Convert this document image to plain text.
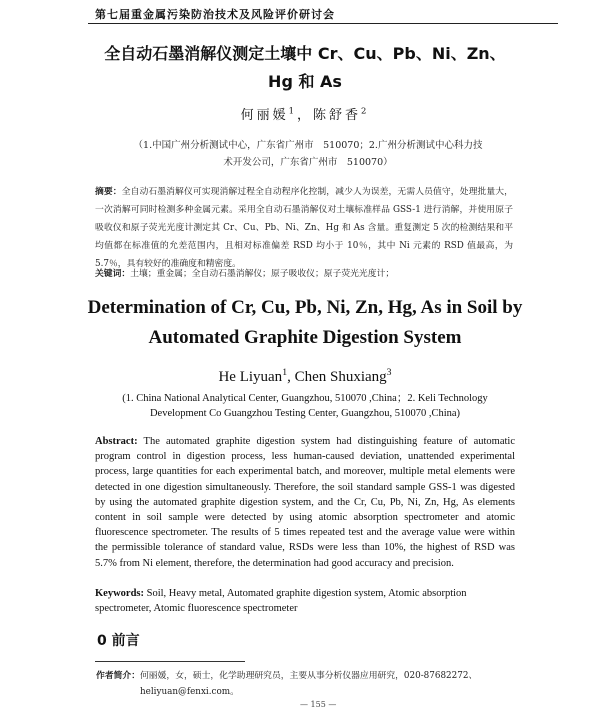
第七届重金属污染防治技术及风险评价研讨会
全自动石墨消解仪测定土壤中 Cr、Cu、Pb、Ni、Zn、
Hg 和 As
何丽媛$^1$，陈舒香$^2$
（1.中国广州分析测试中心，广东省广州市　510070；2.广州分析测试中心科力技
术开发公司，广东省广州市　510070）
摘要：全自动石墨消解仪可实现消解过程全自动程序化控制，减少人为误差，无需人员值守，处理批量大，一次消解可同时检测多种金属元素。采用全自动石墨消解仪对土壤标准样品 GSS-1 进行消解，并使用原子吸收仪和原子荧光光度计测定其 Cr、Cu、Pb、Ni、Zn、Hg 和 As 含量。重复测定 5 次的检测结果和平均值都在标准值的允差范围内，且相对标准偏差 RSD 均小于 10％，其中 Ni 元素的 RSD 值最高，为 5.7％，具有较好的准确度和精密度。
关键词：土壤；重金属；全自动石墨消解仪；原子吸收仪；原子荧光光度计；
Determination of Cr, Cu, Pb, Ni, Zn, Hg, As in Soil by
Automated Graphite Digestion System
He Liyuan$^1$, Chen Shuxiang$^3$
(1. China National Analytical Center, Guangzhou, 510070 ,China；2. Keli Technology
Development Co Guangzhou Testing Center, Guangzhou, 510070 ,China)
Abstract: The automated graphite digestion system had distinguishing feature of automatic program control in digestion process, less human-caused deviation, unattended experimental process, large quantities for each experimental batch, and moreover, multiple metal elements were detected in one digestion simultaneously. Therefore, the soil standard sample GSS-1 was digested by using the automated graphite digestion system, and the Cr, Cu, Pb, Ni, Zn, Hg, As elements content in soil sample were detected by using atomic absorption spectrometer and atomic fluorescence spectrometer. The results of 5 times repeated test and the average value were within the permissible tolerance of standard value, RSDs were less than 10%, the highest of RSD was 5.7% from Ni element, therefore, the determination had good accuracy and precision.
Keywords: Soil, Heavy metal, Automated graphite digestion system, Atomic absorption spectrometer, Atomic fluorescence spectrometer
0 前言
作者简介：何丽媛，女，硕士，化学助理研究员，主要从事分析仪器应用研究，020-87682272、
heliyuan@fenxi.com。
— 155 —
